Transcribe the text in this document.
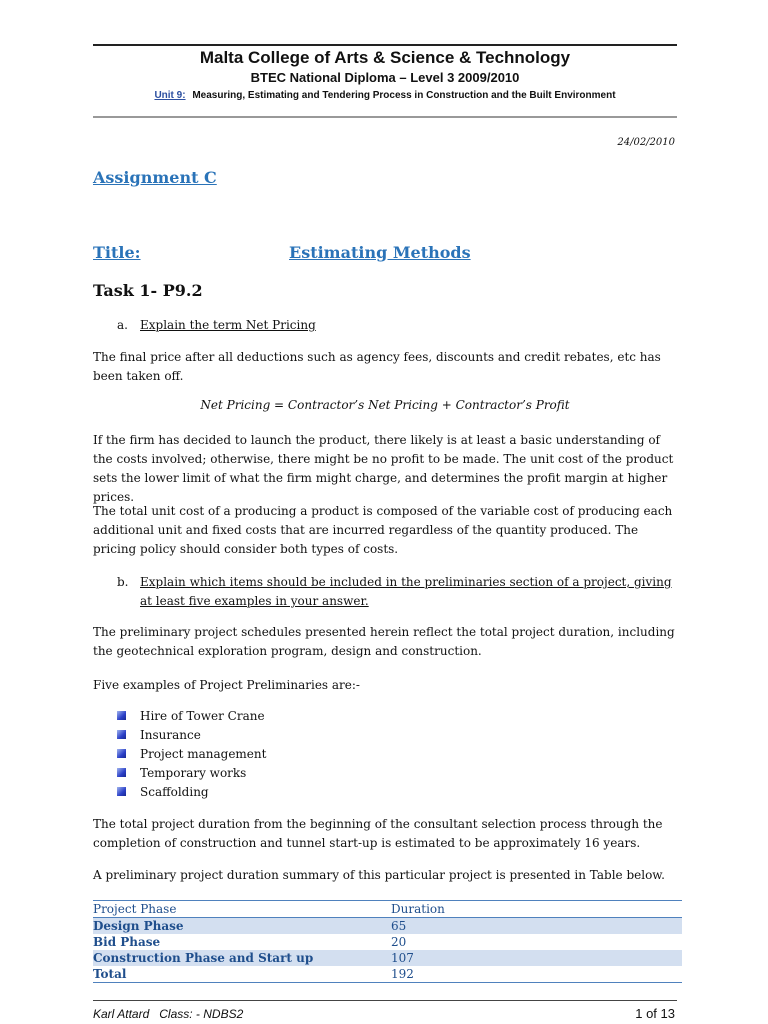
Malta College of Arts & Science & Technology
BTEC National Diploma – Level 3 2009/2010
Unit 9: Measuring, Estimating and Tendering Process in Construction and the Built Environment
24/02/2010
Assignment C
Title:	Estimating Methods
Task 1- P9.2
a. Explain the term Net Pricing
The final price after all deductions such as agency fees, discounts and credit rebates, etc has been taken off.
Net Pricing = Contractor’s Net Pricing + Contractor’s Profit
If the firm has decided to launch the product, there likely is at least a basic understanding of the costs involved; otherwise, there might be no profit to be made. The unit cost of the product sets the lower limit of what the firm might charge, and determines the profit margin at higher prices.
The total unit cost of a producing a product is composed of the variable cost of producing each additional unit and fixed costs that are incurred regardless of the quantity produced. The pricing policy should consider both types of costs.
b. Explain which items should be included in the preliminaries section of a project, giving at least five examples in your answer.
The preliminary project schedules presented herein reflect the total project duration, including the geotechnical exploration program, design and construction.
Five examples of Project Preliminaries are:-
Hire of Tower Crane
Insurance
Project management
Temporary works
Scaffolding
The total project duration from the beginning of the consultant selection process through the completion of construction and tunnel start-up is estimated to be approximately 16 years.
A preliminary project duration summary of this particular project is presented in Table below.
Project Phase	Duration
Design Phase	65
Bid Phase	20
Construction Phase and Start up	107
Total	192
Karl Attard   Class: - NDBS2	1 of 13
